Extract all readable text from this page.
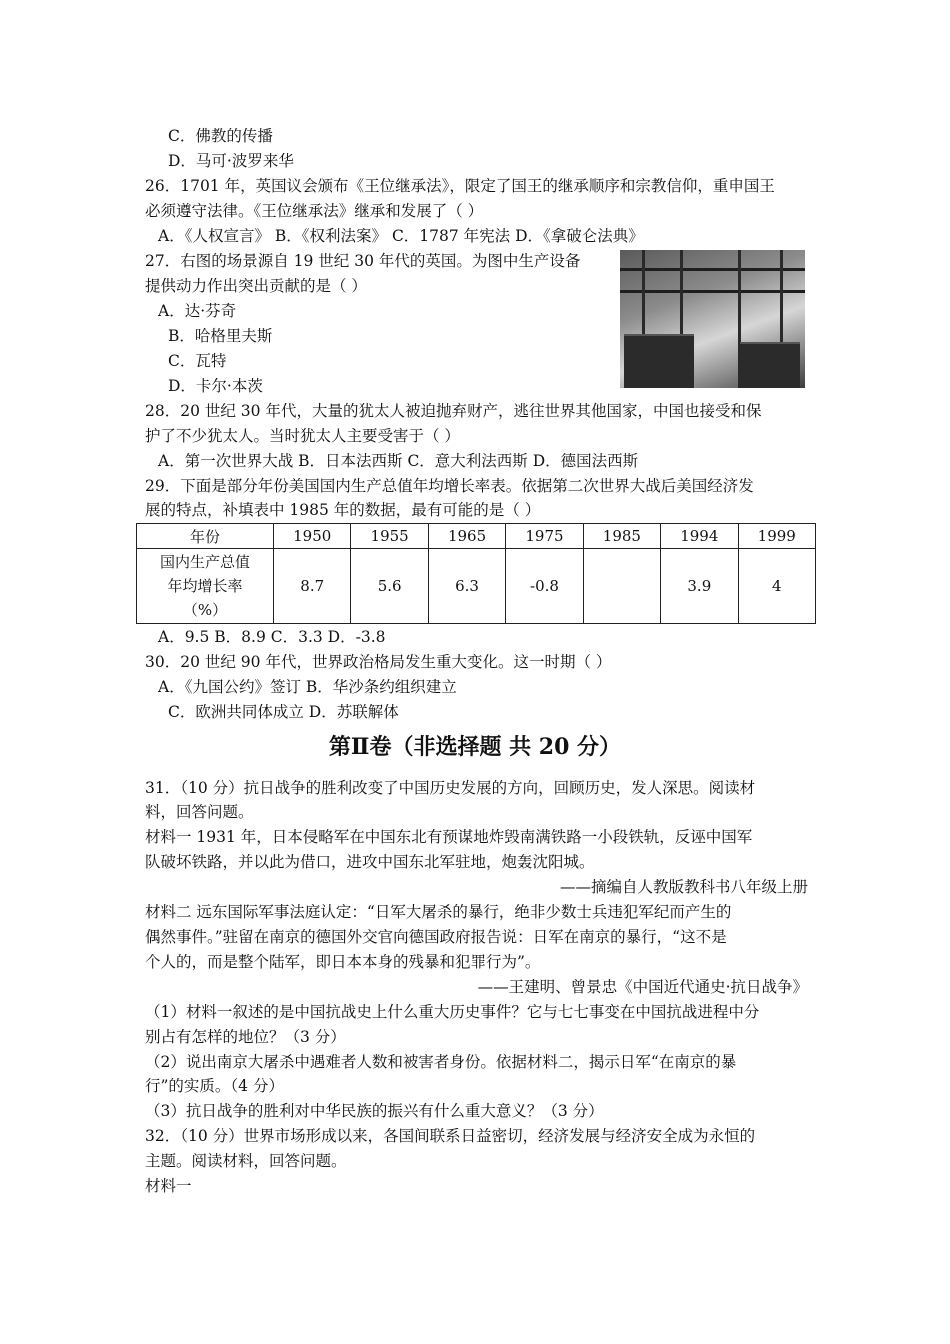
C．佛教的传播
D．马可·波罗来华
26．1701 年，英国议会颁布《王位继承法》，限定了国王的继承顺序和宗教信仰，重申国王
必须遵守法律。《王位继承法》继承和发展了（ ）
A．《人权宣言》 B．《权利法案》 C．1787 年宪法 D．《拿破仑法典》
27．右图的场景源自 19 世纪 30 年代的英国。为图中生产设备
提供动力作出突出贡献的是（ ）
A．达·芬奇
B．哈格里夫斯
C．瓦特
D．卡尔·本茨
28．20 世纪 30 年代，大量的犹太人被迫抛弃财产，逃往世界其他国家，中国也接受和保
护了不少犹太人。当时犹太人主要受害于（ ）
A．第一次世界大战 B．日本法西斯 C．意大利法西斯 D．德国法西斯
29．下面是部分年份美国国内生产总值年均增长率表。依据第二次世界大战后美国经济发
展的特点，补填表中 1985 年的数据，最有可能的是（ ）
年份	1950	1955	1965	1975	1985	1994	1999

国内生产总值
年均增长率
（%）	8.7	5.6	6.3	-0.8		3.9	4
A．9.5 B．8.9 C．3.3 D．-3.8
30．20 世纪 90 年代，世界政治格局发生重大变化。这一时期（ ）
A．《九国公约》签订 B．华沙条约组织建立
C．欧洲共同体成立 D．苏联解体
第Ⅱ卷（非选择题 共 20 分）
31．（10 分）抗日战争的胜利改变了中国历史发展的方向，回顾历史，发人深思。阅读材
料，回答问题。
材料一 1931 年，日本侵略军在中国东北有预谋地炸毁南满铁路一小段铁轨，反诬中国军
队破坏铁路，并以此为借口，进攻中国东北军驻地，炮轰沈阳城。
——摘编自人教版教科书八年级上册
材料二 远东国际军事法庭认定：“日军大屠杀的暴行，绝非少数士兵违犯军纪而产生的
偶然事件。”驻留在南京的德国外交官向德国政府报告说：日军在南京的暴行，“这不是
个人的，而是整个陆军，即日本本身的残暴和犯罪行为”。
——王建明、曾景忠《中国近代通史·抗日战争》
（1）材料一叙述的是中国抗战史上什么重大历史事件？它与七七事变在中国抗战进程中分
别占有怎样的地位？（3 分）
（2）说出南京大屠杀中遇难者人数和被害者身份。依据材料二，揭示日军“在南京的暴
行”的实质。（4 分）
（3）抗日战争的胜利对中华民族的振兴有什么重大意义？（3 分）
32．（10 分）世界市场形成以来，各国间联系日益密切，经济发展与经济安全成为永恒的
主题。阅读材料，回答问题。
材料一
